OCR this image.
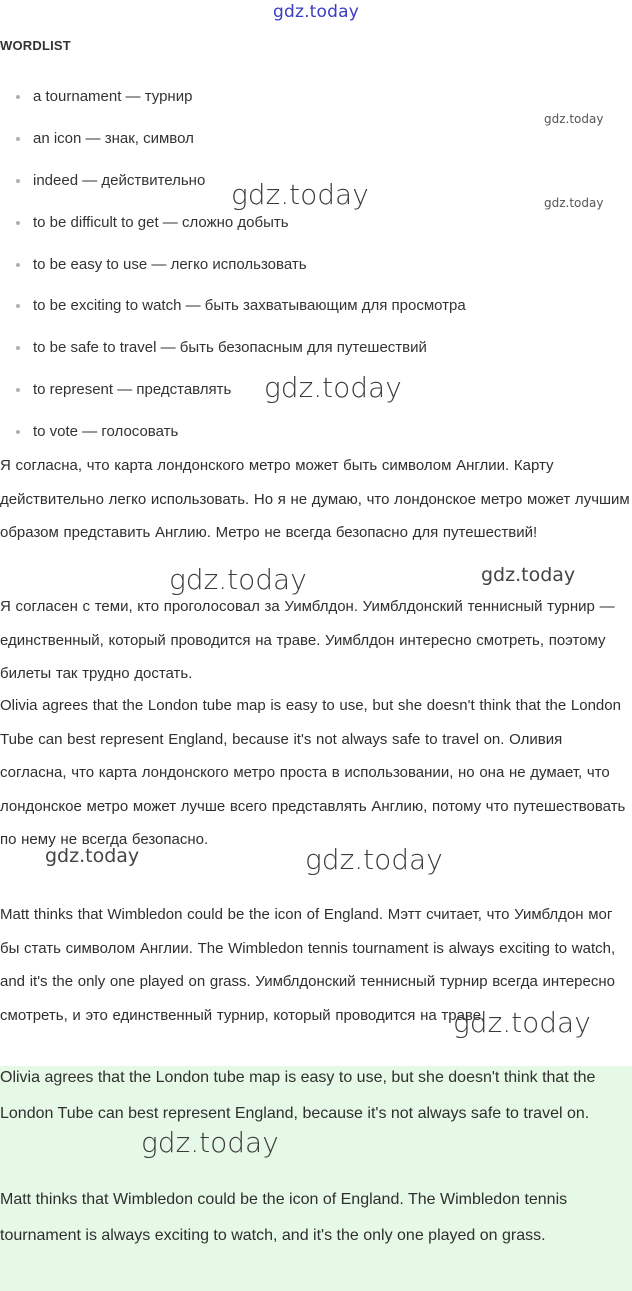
gdz.today
WORDLIST
a tournament — турнир
an icon — знак, символ
indeed — действительно
to be difficult to get — сложно добыть
to be easy to use — легко использовать
to be exciting to watch — быть захватывающим для просмотра
to be safe to travel — быть безопасным для путешествий
to represent — представлять
to vote — голосовать

Я согласна, что карта лондонского метро может быть символом Англии. Карту действительно легко использовать. Но я не думаю, что лондонское метро может лучшим образом представить Англию. Метро не всегда безопасно для путешествий!

Я согласен с теми, кто проголосовал за Уимблдон. Уимблдонский теннисный турнир — единственный, который проводится на траве. Уимблдон интересно смотреть, поэтому билеты так трудно достать.

Olivia agrees that the London tube map is easy to use, but she doesn't think that the London Tube can best represent England, because it's not always safe to travel on. Оливия согласна, что карта лондонского метро проста в использовании, но она не думает, что лондонское метро может лучше всего представлять Англию, потому что путешествовать по нему не всегда безопасно.

Matt thinks that Wimbledon could be the icon of England. Мэтт считает, что Уимблдон мог бы стать символом Англии. The Wimbledon tennis tournament is always exciting to watch, and it's the only one played on grass. Уимблдонский теннисный турнир всегда интересно смотреть, и это единственный турнир, который проводится на траве.

Olivia agrees that the London tube map is easy to use, but she doesn't think that the London Tube can best represent England, because it's not always safe to travel on.

Matt thinks that Wimbledon could be the icon of England. The Wimbledon tennis tournament is always exciting to watch, and it's the only one played on grass.

gdz.today
gdz.today
gdz.today
gdz.today
gdz.today	gdz.today
gdz.today	gdz.today
gdz.today
gdz.today
